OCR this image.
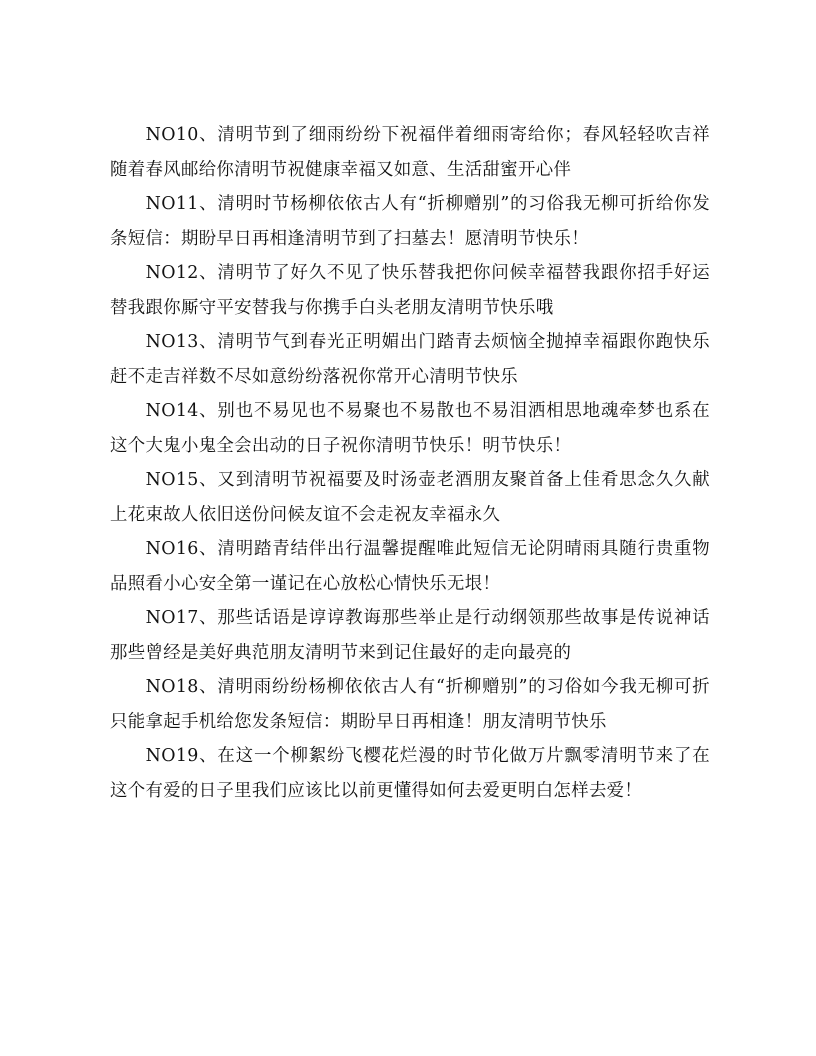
NO10、清明节到了细雨纷纷下祝福伴着细雨寄给你；春风轻轻吹吉祥随着春风邮给你清明节祝健康幸福又如意、生活甜蜜开心伴

NO11、清明时节杨柳依依古人有“折柳赠别”的习俗我无柳可折给你发条短信：期盼早日再相逢清明节到了扫墓去！愿清明节快乐！

NO12、清明节了好久不见了快乐替我把你问候幸福替我跟你招手好运替我跟你厮守平安替我与你携手白头老朋友清明节快乐哦

NO13、清明节气到春光正明媚出门踏青去烦恼全抛掉幸福跟你跑快乐赶不走吉祥数不尽如意纷纷落祝你常开心清明节快乐

NO14、别也不易见也不易聚也不易散也不易泪洒相思地魂牵梦也系在这个大鬼小鬼全会出动的日子祝你清明节快乐！明节快乐！

NO15、又到清明节祝福要及时汤壶老酒朋友聚首备上佳肴思念久久献上花束故人依旧送份问候友谊不会走祝友幸福永久

NO16、清明踏青结伴出行温馨提醒唯此短信无论阴晴雨具随行贵重物品照看小心安全第一谨记在心放松心情快乐无垠！

NO17、那些话语是谆谆教诲那些举止是行动纲领那些故事是传说神话那些曾经是美好典范朋友清明节来到记住最好的走向最亮的

NO18、清明雨纷纷杨柳依依古人有“折柳赠别”的习俗如今我无柳可折只能拿起手机给您发条短信：期盼早日再相逢！朋友清明节快乐

NO19、在这一个柳絮纷飞樱花烂漫的时节化做万片飘零清明节来了在这个有爱的日子里我们应该比以前更懂得如何去爱更明白怎样去爱！
